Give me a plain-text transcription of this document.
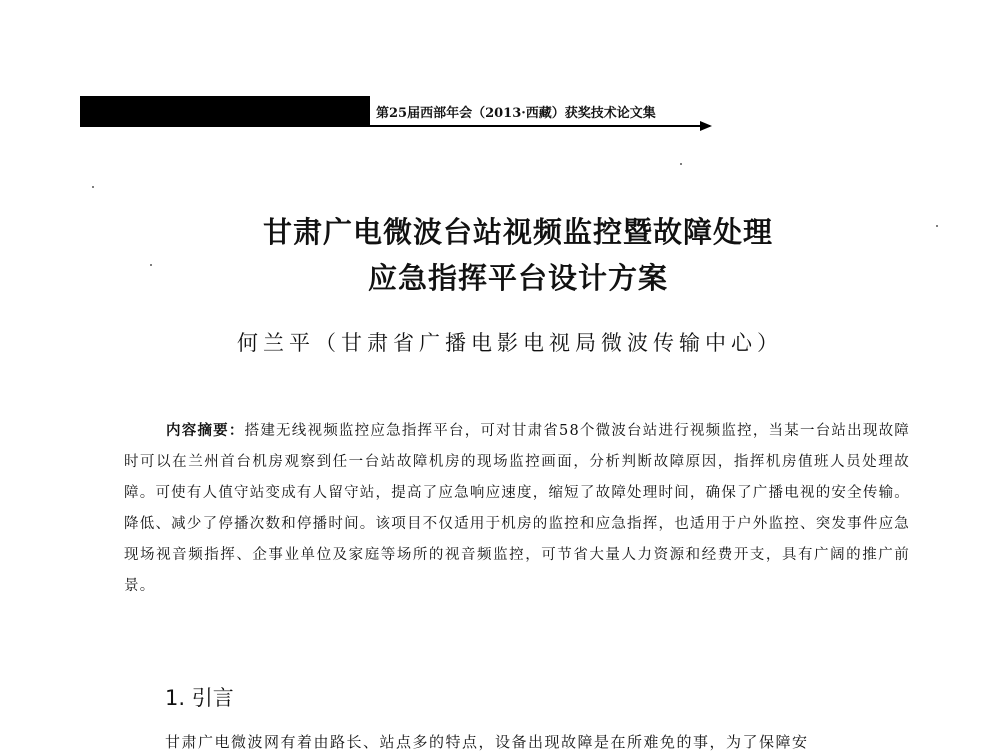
第25届西部年会（2013·西藏）获奖技术论文集
甘肃广电微波台站视频监控暨故障处理
应急指挥平台设计方案
何兰平（甘肃省广播电影电视局微波传输中心）

内容摘要：搭建无线视频监控应急指挥平台，可对甘肃省58个微波台站进行视频监控，当某一台站出现故障时可以在兰州首台机房观察到任一台站故障机房的现场监控画面，分析判断故障原因，指挥机房值班人员处理故障。可使有人值守站变成有人留守站，提高了应急响应速度，缩短了故障处理时间，确保了广播电视的安全传输。降低、减少了停播次数和停播时间。该项目不仅适用于机房的监控和应急指挥，也适用于户外监控、突发事件应急现场视音频指挥、企事业单位及家庭等场所的视音频监控，可节省大量人力资源和经费开支，具有广阔的推广前景。

1. 引言

甘肃广电微波网有着由路长、站点多的特点，设备出现故障是在所难免的事，为了保障安
